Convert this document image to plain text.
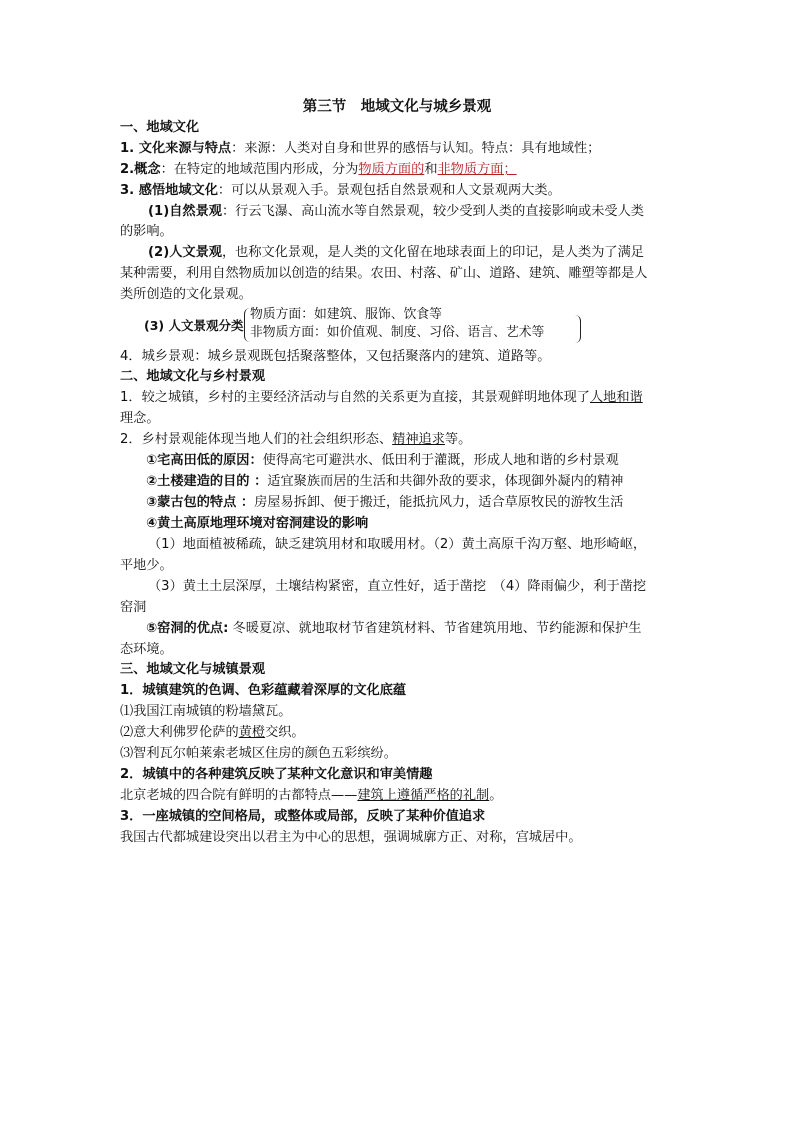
第三节　地域文化与城乡景观
一、地域文化
1. 文化来源与特点：来源：人类对自身和世界的感悟与认知。特点：具有地域性；
2.概念：在特定的地域范围内形成，分为物质方面的和非物质方面；
3. 感悟地域文化：可以从景观入手。景观包括自然景观和人文景观两大类。
(1)自然景观：行云飞瀑、高山流水等自然景观，较少受到人类的直接影响或未受人类
的影响。
(2)人文景观，也称文化景观，是人类的文化留在地球表面上的印记，是人类为了满足
某种需要，利用自然物质加以创造的结果。农田、村落、矿山、道路、建筑、雕塑等都是人
类所创造的文化景观。
(3) 人文景观分类
物质方面：如建筑、服饰、饮食等
非物质方面：如价值观、制度、习俗、语言、艺术等
4．城乡景观：城乡景观既包括聚落整体，又包括聚落内的建筑、道路等。
二、地域文化与乡村景观
1．较之城镇，乡村的主要经济活动与自然的关系更为直接，其景观鲜明地体现了人地和谐
理念。
2．乡村景观能体现当地人们的社会组织形态、精神追求等。
①宅高田低的原因：使得高宅可避洪水、低田利于灌溉，形成人地和谐的乡村景观
②土楼建造的目的 ：适宜聚族而居的生活和共御外敌的要求，体现御外凝内的精神
③蒙古包的特点 ：房屋易拆卸、便于搬迁，能抵抗风力，适合草原牧民的游牧生活
④黄土高原地理环境对窑洞建设的影响
（1）地面植被稀疏，缺乏建筑用材和取暖用材。（2）黄土高原千沟万壑、地形崎岖，
平地少。
（3）黄土土层深厚，土壤结构紧密，直立性好，适于凿挖　（4）降雨偏少，利于凿挖
窑洞
⑤窑洞的优点: 冬暖夏凉、就地取材节省建筑材料、节省建筑用地、节约能源和保护生
态环境。
三、地域文化与城镇景观
1．城镇建筑的色调、色彩蕴藏着深厚的文化底蕴
⑴我国江南城镇的粉墙黛瓦。
⑵意大利佛罗伦萨的黄橙交织。
⑶智利瓦尔帕莱索老城区住房的颜色五彩缤纷。
2．城镇中的各种建筑反映了某种文化意识和审美情趣
北京老城的四合院有鲜明的古都特点——建筑上遵循严格的礼制。
3．一座城镇的空间格局，或整体或局部，反映了某种价值追求
我国古代都城建设突出以君主为中心的思想，强调城廓方正、对称，宫城居中。
